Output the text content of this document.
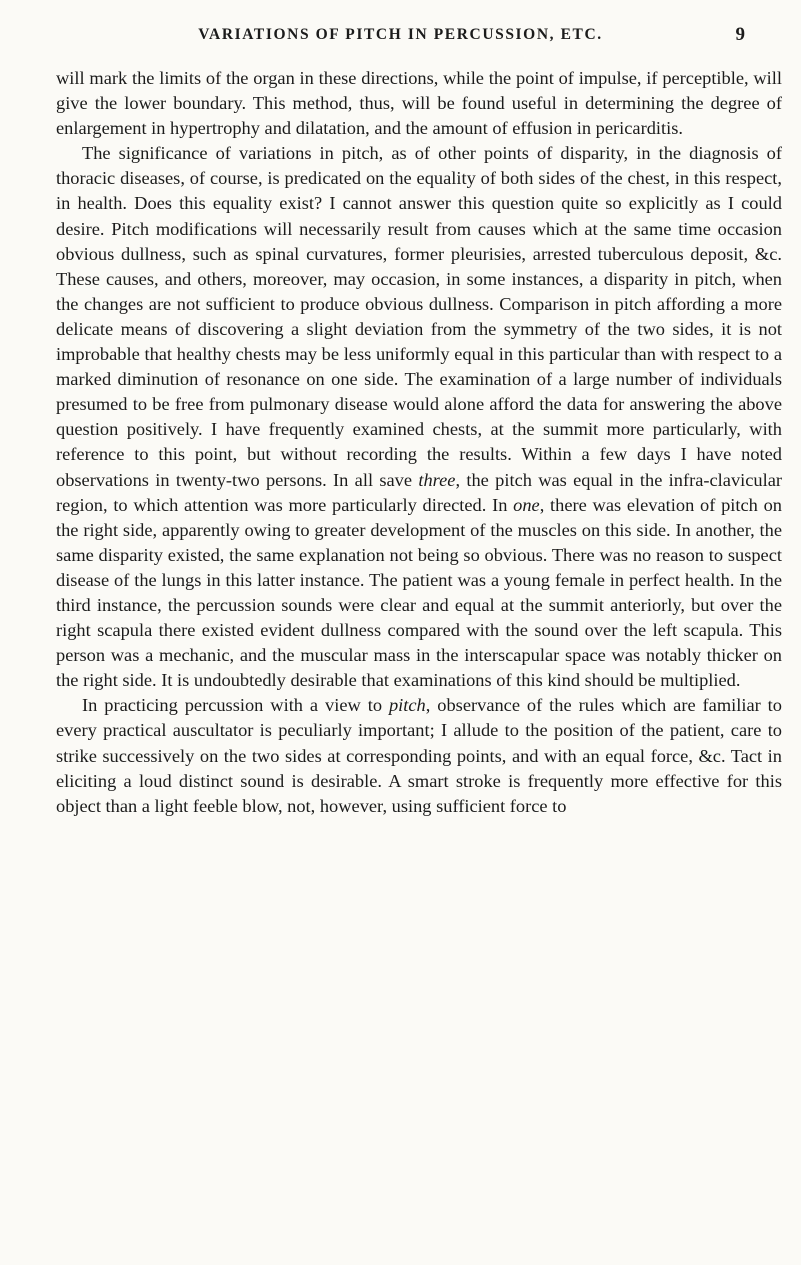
VARIATIONS OF PITCH IN PERCUSSION, ETC.	9

will mark the limits of the organ in these directions, while the point of impulse, if perceptible, will give the lower boundary. This method, thus, will be found useful in determining the degree of enlargement in hypertrophy and dilatation, and the amount of effusion in pericarditis.

The significance of variations in pitch, as of other points of disparity, in the diagnosis of thoracic diseases, of course, is predicated on the equality of both sides of the chest, in this respect, in health. Does this equality exist? I cannot answer this question quite so explicitly as I could desire. Pitch modifications will necessarily result from causes which at the same time occasion obvious dullness, such as spinal curvatures, former pleurisies, arrested tuberculous deposit, &c. These causes, and others, moreover, may occasion, in some instances, a disparity in pitch, when the changes are not sufficient to produce obvious dullness. Comparison in pitch affording a more delicate means of discovering a slight deviation from the symmetry of the two sides, it is not improbable that healthy chests may be less uniformly equal in this particular than with respect to a marked diminution of resonance on one side. The examination of a large number of individuals presumed to be free from pulmonary disease would alone afford the data for answering the above question positively. I have frequently examined chests, at the summit more particularly, with reference to this point, but without recording the results. Within a few days I have noted observations in twenty-two persons. In all save three, the pitch was equal in the infra-clavicular region, to which attention was more particularly directed. In one, there was elevation of pitch on the right side, apparently owing to greater development of the muscles on this side. In another, the same disparity existed, the same explanation not being so obvious. There was no reason to suspect disease of the lungs in this latter instance. The patient was a young female in perfect health. In the third instance, the percussion sounds were clear and equal at the summit anteriorly, but over the right scapula there existed evident dullness compared with the sound over the left scapula. This person was a mechanic, and the muscular mass in the interscapular space was notably thicker on the right side. It is undoubtedly desirable that examinations of this kind should be multiplied.

In practicing percussion with a view to pitch, observance of the rules which are familiar to every practical auscultator is peculiarly important; I allude to the position of the patient, care to strike successively on the two sides at corresponding points, and with an equal force, &c. Tact in eliciting a loud distinct sound is desirable. A smart stroke is frequently more effective for this object than a light feeble blow, not, however, using sufficient force to
